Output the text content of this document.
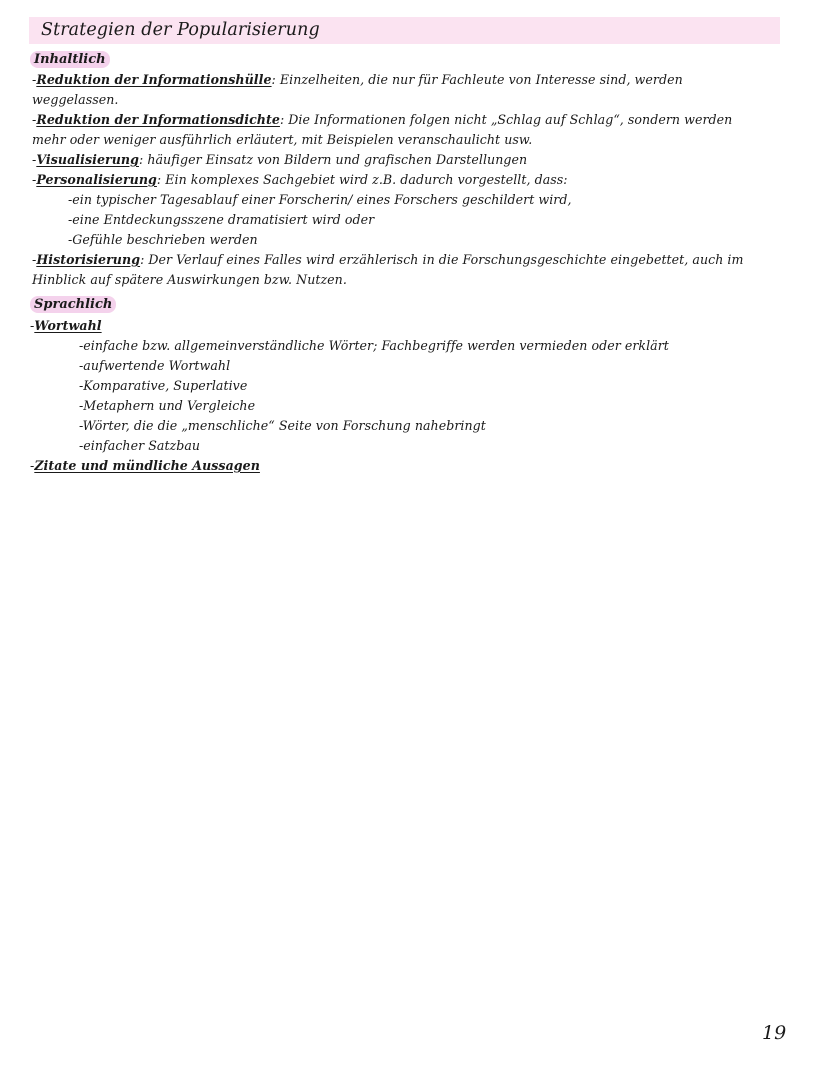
Strategien der Popularisierung
Inhaltlich
-Reduktion der Informationshülle: Einzelheiten, die nur für Fachleute von Interesse sind, werden
weggelassen.
-Reduktion der Informationsdichte: Die Informationen folgen nicht „Schlag auf Schlag“, sondern werden
mehr oder weniger ausführlich erläutert, mit Beispielen veranschaulicht usw.
-Visualisierung: häufiger Einsatz von Bildern und grafischen Darstellungen
-Personalisierung: Ein komplexes Sachgebiet wird z.B. dadurch vorgestellt, dass:
-ein typischer Tagesablauf einer Forscherin/ eines Forschers geschildert wird,
-eine Entdeckungsszene dramatisiert wird oder
-Gefühle beschrieben werden
-Historisierung: Der Verlauf eines Falles wird erzählerisch in die Forschungsgeschichte eingebettet, auch im
Hinblick auf spätere Auswirkungen bzw. Nutzen.
Sprachlich
-Wortwahl
-einfache bzw. allgemeinverständliche Wörter; Fachbegriffe werden vermieden oder erklärt
-aufwertende Wortwahl
-Komparative, Superlative
-Metaphern und Vergleiche
-Wörter, die die „menschliche“ Seite von Forschung nahebringt
-einfacher Satzbau
-Zitate und mündliche Aussagen
19
